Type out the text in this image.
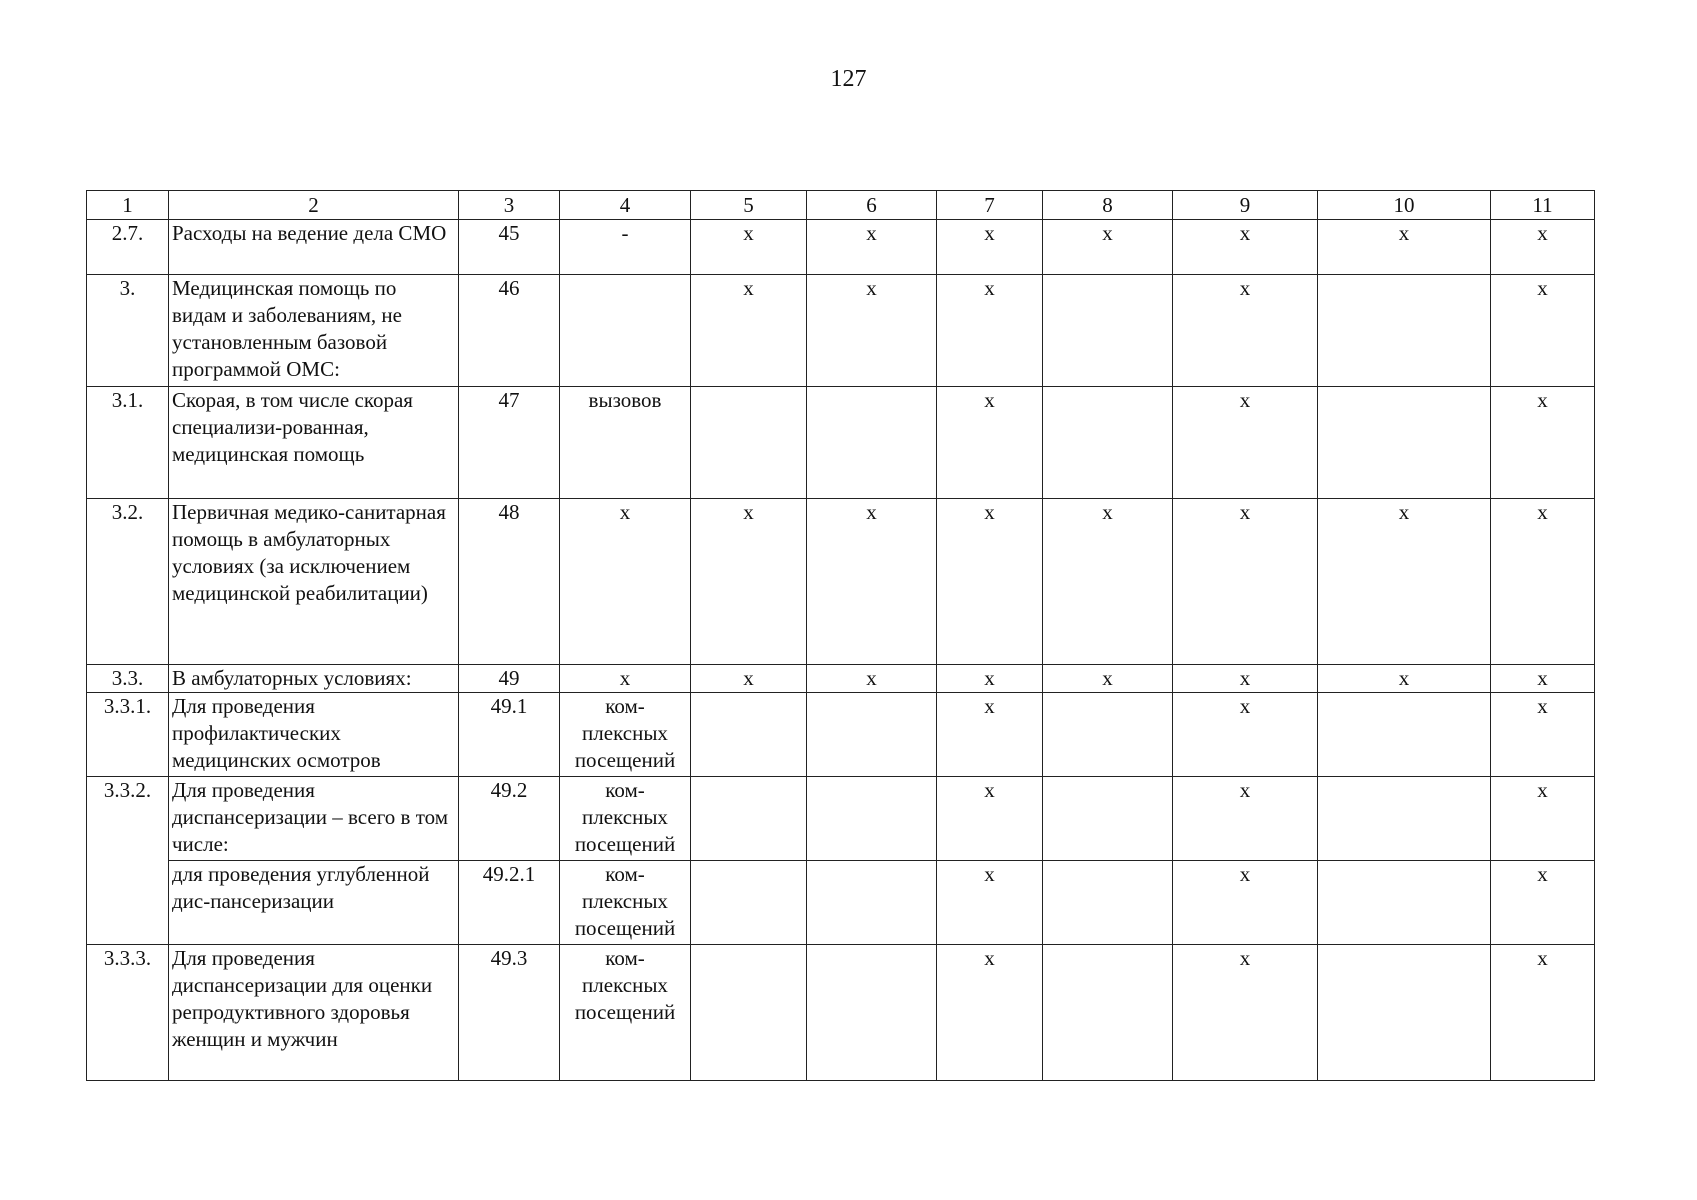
127
1	2	3	4	5	6	7	8	9	10	11
2.7.	Расходы на ведение дела СМО	45	-	х	х	х	х	х	х	х
3.	Медицинская помощь по видам и заболеваниям, не установленным базовой программой ОМС:	46		х	х	х		х		х
3.1.	Скорая, в том числе скорая специализи-рованная, медицинская помощь	47	вызовов			х		х		х
3.2.	Первичная медико-санитарная помощь в амбулаторных условиях (за исключением медицинской реабилитации)	48	х	х	х	х	х	х	х	х
3.3.	В амбулаторных условиях:	49	х	х	х	х	х	х	х	х
3.3.1.	Для проведения профилактических медицинских осмотров	49.1	ком-плексных посещений			х		х		х
3.3.2.	Для проведения диспансеризации – всего в том числе:	49.2	ком-плексных посещений			х		х		х
	для проведения углубленной дис-пансеризации	49.2.1	ком-плексных посещений			х		х		х
3.3.3.	Для проведения диспансеризации для оценки репродуктивного здоровья женщин и мужчин	49.3	ком-плексных посещений			х		х		х
